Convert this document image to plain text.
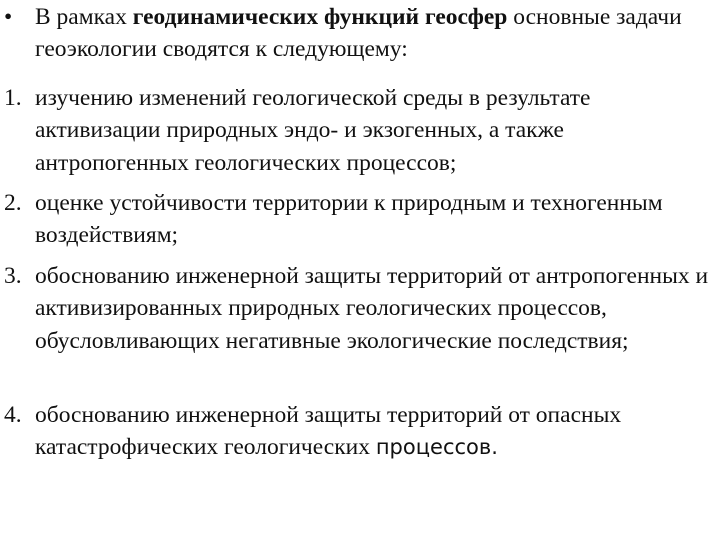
• В рамках геодинамических функций геосфер основные задачи геоэкологии сводятся к следующему:
1. изучению изменений геологической среды в результате активизации природных эндо- и экзогенных, а также антропогенных геологических процессов;
2. оценке устойчивости территории к природным и техногенным воздействиям;
3. обоснованию инженерной защиты территорий от антропогенных и активизированных природных геологических процессов, обусловливающих негативные экологические последствия;
4. обоснованию инженерной защиты территорий от опасных катастрофических геологических процессов.
